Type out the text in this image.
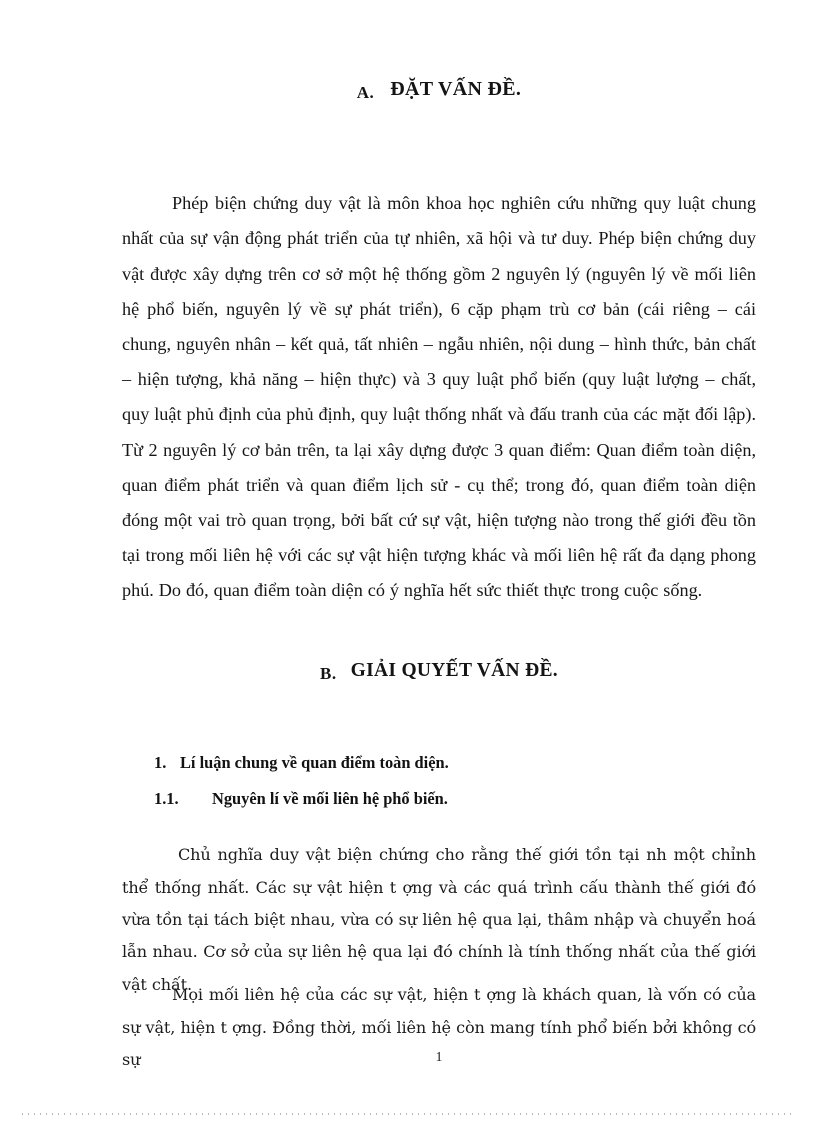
A. ĐẶT VẤN ĐỀ.

Phép biện chứng duy vật là môn khoa học nghiên cứu những quy luật chung nhất của sự vận động phát triển của tự nhiên, xã hội và tư duy. Phép biện chứng duy vật được xây dựng trên cơ sở một hệ thống gồm 2 nguyên lý (nguyên lý về mối liên hệ phổ biến, nguyên lý về sự phát triển), 6 cặp phạm trù cơ bản (cái riêng – cái chung, nguyên nhân – kết quả, tất nhiên – ngẫu nhiên, nội dung – hình thức, bản chất – hiện tượng, khả năng – hiện thực) và 3 quy luật phổ biến (quy luật lượng – chất, quy luật phủ định của phủ định, quy luật thống nhất và đấu tranh của các mặt đối lập). Từ 2 nguyên lý cơ bản trên, ta lại xây dựng được 3 quan điểm: Quan điểm toàn diện, quan điểm phát triển và quan điểm lịch sử - cụ thể; trong đó, quan điểm toàn diện đóng một vai trò quan trọng, bởi bất cứ sự vật, hiện tượng nào trong thế giới đều tồn tại trong mối liên hệ với các sự vật hiện tượng khác và mối liên hệ rất đa dạng phong phú. Do đó, quan điểm toàn diện có ý nghĩa hết sức thiết thực trong cuộc sống.

B. GIẢI QUYẾT VẤN ĐỀ.
1. Lí luận chung về quan điểm toàn diện.
1.1. Nguyên lí về mối liên hệ phổ biến.

Chủ nghĩa duy vật biện chứng cho rằng thế giới tồn tại nh một chỉnh thể thống nhất. Các sự vật hiện t ợng và các quá trình cấu thành thế giới đó vừa tồn tại tách biệt nhau, vừa có sự liên hệ qua lại, thâm nhập và chuyển hoá lẫn nhau. Cơ sở của sự liên hệ qua lại đó chính là tính thống nhất của thế giới vật chất.

Mọi mối liên hệ của các sự vật, hiện t ợng là khách quan, là vốn có của sự vật, hiện t ợng. Đồng thời, mối liên hệ còn mang tính phổ biến bởi không có sự	1
